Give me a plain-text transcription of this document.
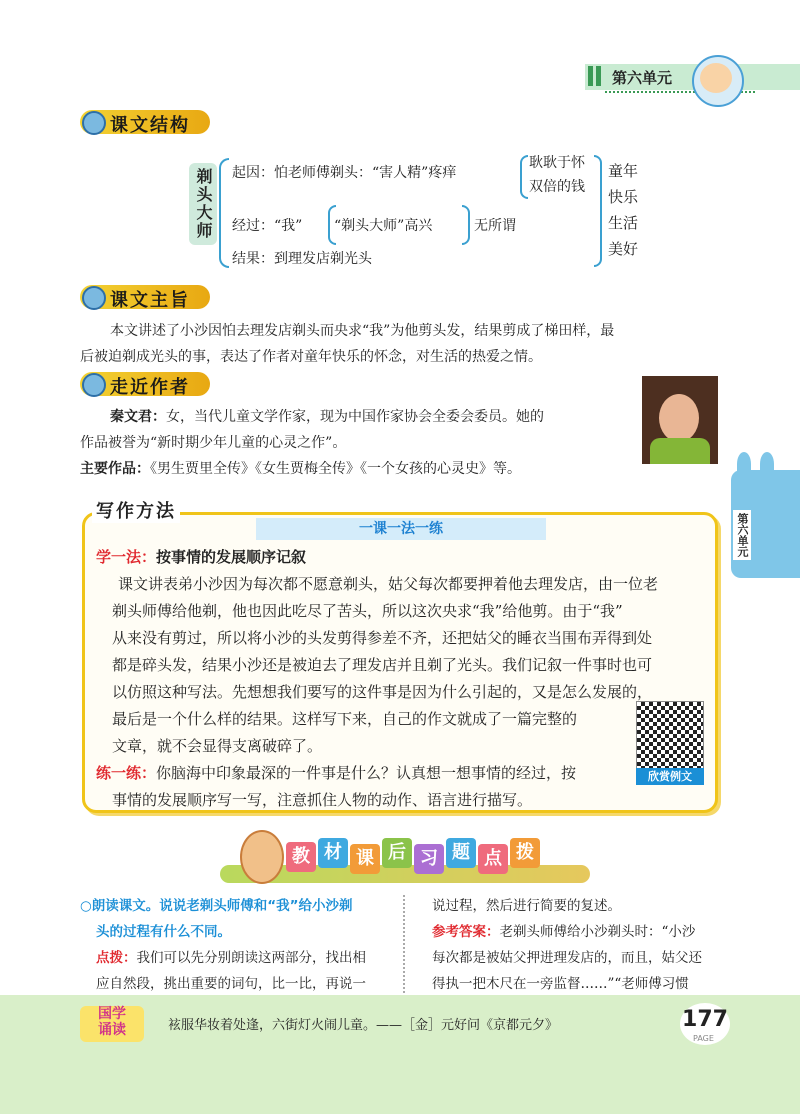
第六单元
课文结构
剃头大师 起因：怕老师傅剃头：“害人精”疼痒
耿耿于怀
双倍的钱
经过：“我” “剃头大师”高兴	无所谓
结果：到理发店剃光头
童年
快乐
生活
美好
课文主旨
本文讲述了小沙因怕去理发店剃头而央求“我”为他剪头发，结果剪成了梯田样，最
后被迫剃成光头的事，表达了作者对童年快乐的怀念，对生活的热爱之情。
走近作者
秦文君：女，当代儿童文学作家，现为中国作家协会全委会委员。她的
作品被誉为“新时期少年儿童的心灵之作”。
主要作品：《男生贾里全传》《女生贾梅全传》《一个女孩的心灵史》等。
第六单元
写作方法
一课一法一练
学一法：按事情的发展顺序记叙
课文讲表弟小沙因为每次都不愿意剃头，姑父每次都要押着他去理发店，由一位老
剃头师傅给他剃，他也因此吃尽了苦头，所以这次央求“我”给他剪。由于“我”
从来没有剪过，所以将小沙的头发剪得参差不齐，还把姑父的睡衣当围布弄得到处
都是碎头发，结果小沙还是被迫去了理发店并且剃了光头。我们记叙一件事时也可
以仿照这种写法。先想想我们要写的这件事是因为什么引起的，又是怎么发展的，
最后是一个什么样的结果。这样写下来，自己的作文就成了一篇完整的
文章，就不会显得支离破碎了。
练一练：你脑海中印象最深的一件事是什么？认真想一想事情的经过，按
事情的发展顺序写一写，注意抓住人物的动作、语言进行描写。
欣赏例文
教 材 课 后 习 题 点 拨
○朗读课文。说说老剃头师傅和“我”给小沙剃
头的过程有什么不同。
点拨：我们可以先分别朗读这两部分，找出相
应自然段，挑出重要的词句，比一比，再说一
说过程，然后进行简要的复述。
参考答案：老剃头师傅给小沙剃头时：“小沙
每次都是被姑父押进理发店的，而且，姑父还
得执一把木尺在一旁监督……”“老师傅习惯
国学
诵读	袨服华妆着处逢，六街灯火闹儿童。——［金］元好问《京都元夕》	177
PAGE
